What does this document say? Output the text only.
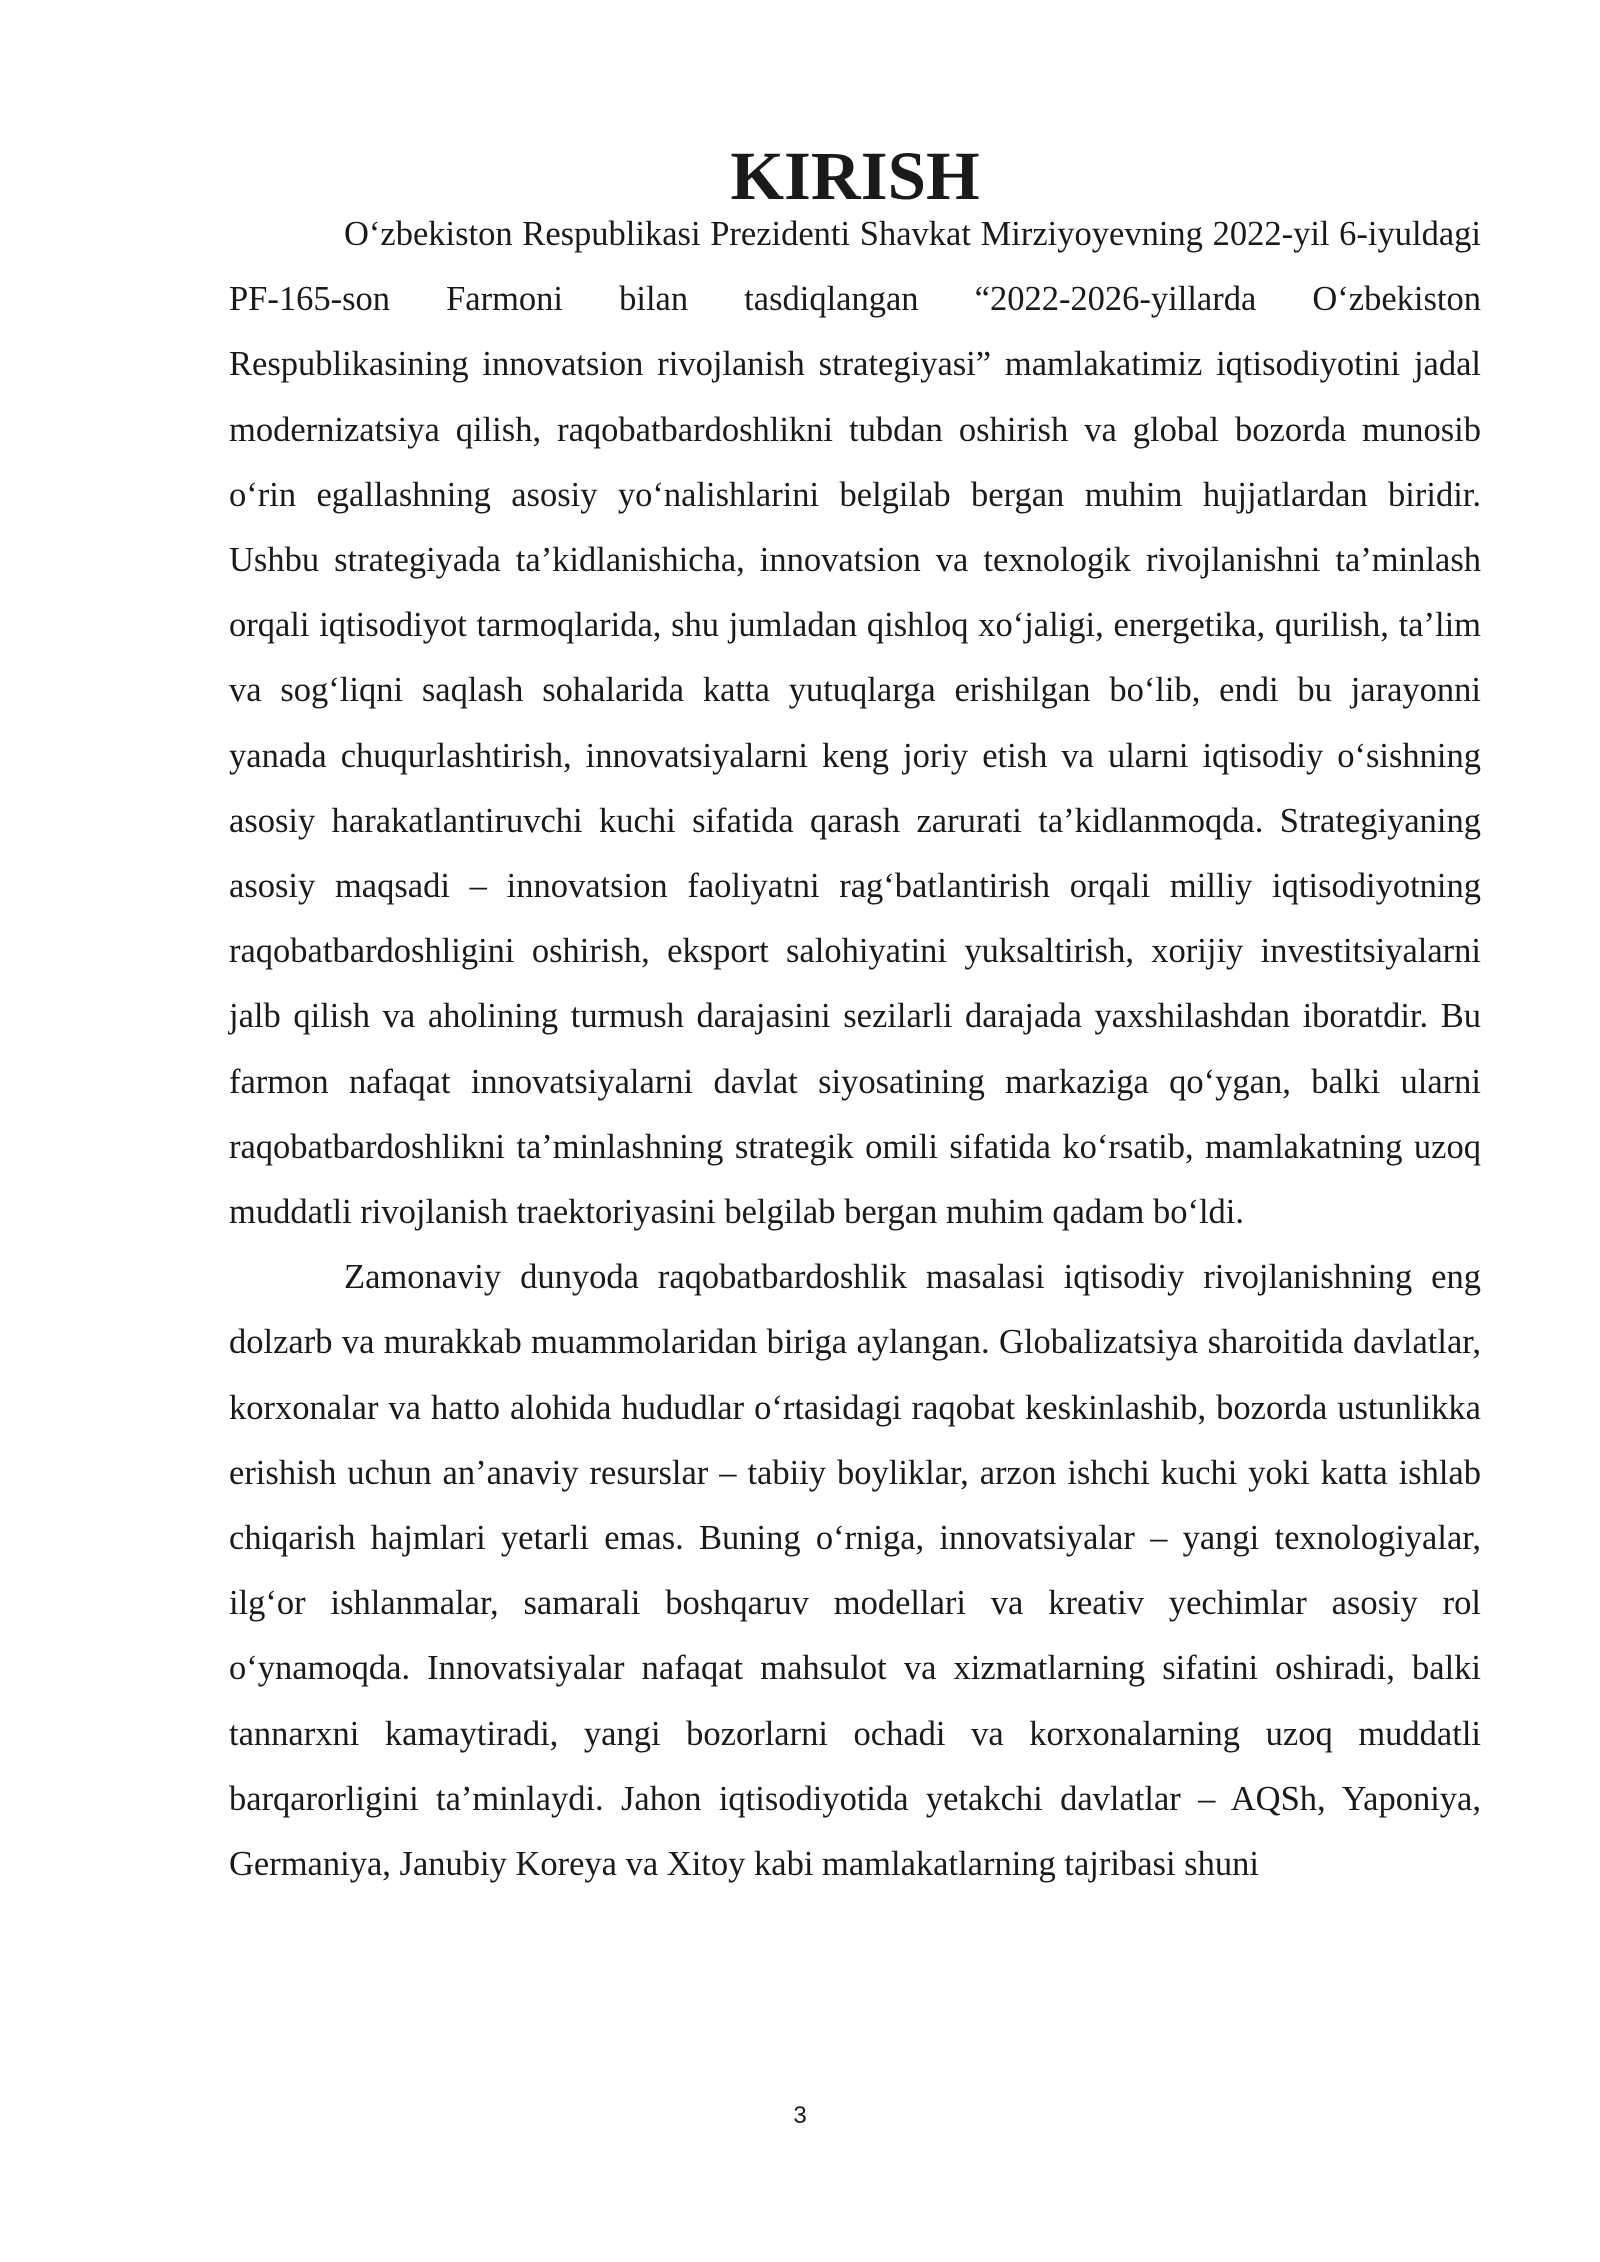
KIRISH

O‘zbekiston Respublikasi Prezidenti Shavkat Mirziyoyevning 2022-yil 6-iyuldagi PF-165-son Farmoni bilan tasdiqlangan “2022-2026-yillarda O‘zbekiston Respublikasining innovatsion rivojlanish strategiyasi” mamlakatimiz iqtisodiyotini jadal modernizatsiya qilish, raqobatbardoshlikni tubdan oshirish va global bozorda munosib o‘rin egallashning asosiy yo‘nalishlarini belgilab bergan muhim hujjatlardan biridir. Ushbu strategiyada ta’kidlanishicha, innovatsion va texnologik rivojlanishni ta’minlash orqali iqtisodiyot tarmoqlarida, shu jumladan qishloq xo‘jaligi, energetika, qurilish, ta’lim va sog‘liqni saqlash sohalarida katta yutuqlarga erishilgan bo‘lib, endi bu jarayonni yanada chuqurlashtirish, innovatsiyalarni keng joriy etish va ularni iqtisodiy o‘sishning asosiy harakatlantiruvchi kuchi sifatida qarash zarurati ta’kidlanmoqda. Strategiyaning asosiy maqsadi – innovatsion faoliyatni rag‘batlantirish orqali milliy iqtisodiyotning raqobatbardoshligini oshirish, eksport salohiyatini yuksaltirish, xorijiy investitsiyalarni jalb qilish va aholining turmush darajasini sezilarli darajada yaxshilashdan iboratdir. Bu farmon nafaqat innovatsiyalarni davlat siyosatining markaziga qo‘ygan, balki ularni raqobatbardoshlikni ta’minlashning strategik omili sifatida ko‘rsatib, mamlakatning uzoq muddatli rivojlanish traektoriyasini belgilab bergan muhim qadam bo‘ldi.

Zamonaviy dunyoda raqobatbardoshlik masalasi iqtisodiy rivojlanishning eng dolzarb va murakkab muammolaridan biriga aylangan. Globalizatsiya sharoitida davlatlar, korxonalar va hatto alohida hududlar o‘rtasidagi raqobat keskinlashib, bozorda ustunlikka erishish uchun an’anaviy resurslar – tabiiy boyliklar, arzon ishchi kuchi yoki katta ishlab chiqarish hajmlari yetarli emas. Buning o‘rniga, innovatsiyalar – yangi texnologiyalar, ilg‘or ishlanmalar, samarali boshqaruv modellari va kreativ yechimlar asosiy rol o‘ynamoqda. Innovatsiyalar nafaqat mahsulot va xizmatlarning sifatini oshiradi, balki tannarxni kamaytiradi, yangi bozorlarni ochadi va korxonalarning uzoq muddatli barqarorligini ta’minlaydi. Jahon iqtisodiyotida yetakchi davlatlar – AQSh, Yaponiya, Germaniya, Janubiy Koreya va Xitoy kabi mamlakatlarning tajribasi shuni

3
